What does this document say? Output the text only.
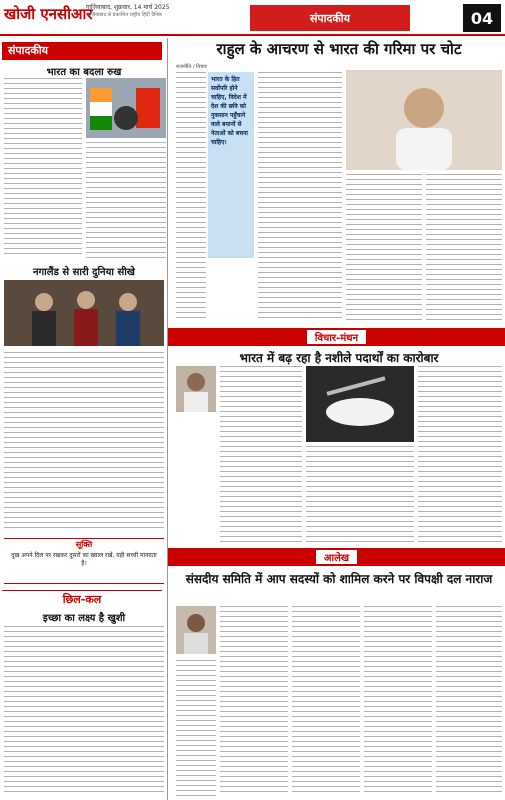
खोजी एनसीआर
गाज़ियाबाद, शुक्रवार, 14 मार्च 2025
गाज़ियाबाद से प्रकाशित राष्ट्रीय हिंदी दैनिक	संपादकीय	04
संपादकीय
भारत का बदला रुख
नगालैंड से सारी दुनिया सीखे
सूक्ति
दुख अपने दिल पर रखकर दूसरों का ख्याल रखें, यही सच्ची मानवता है।
छिल-कल
इच्छा का लक्ष्य है खुशी
राहुल के आचरण से भारत की गरिमा पर चोट
राजनीति / विचार
भारत के हित सर्वोपरि होने चाहिए, विदेश में देश की छवि को नुकसान पहुँचाने वाले बयानों से नेताओं को बचना चाहिए।
विचार-मंथन
भारत में बढ़ रहा है नशीले पदार्थों का कारोबार
आलेख
संसदीय समिति में आप सदस्यों को शामिल करने पर विपक्षी दल नाराज
